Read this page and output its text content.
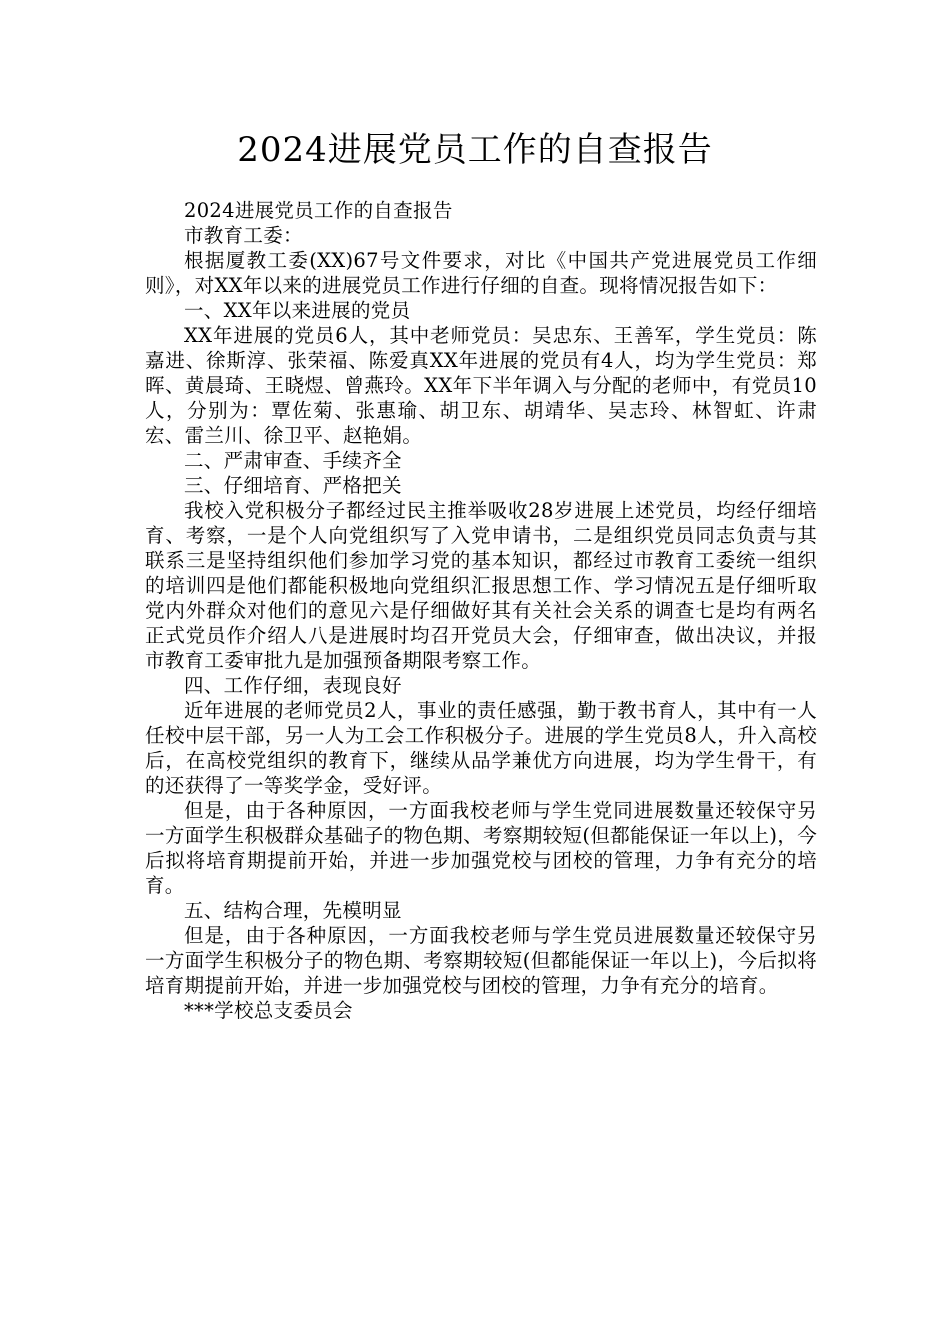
2024进展党员工作的自查报告

2024进展党员工作的自查报告

市教育工委：

根据厦教工委(XX)67号文件要求，对比《中国共产党进展党员工作细则》，对XX年以来的进展党员工作进行仔细的自查。现将情况报告如下：

一、XX年以来进展的党员

XX年进展的党员6人，其中老师党员：吴忠东、王善军，学生党员：陈嘉进、徐斯淳、张荣福、陈爱真XX年进展的党员有4人，均为学生党员：郑晖、黄晨琦、王晓煜、曾燕玲。XX年下半年调入与分配的老师中，有党员10人，分别为：覃佐菊、张惠瑜、胡卫东、胡靖华、吴志玲、林智虹、许肃宏、雷兰川、徐卫平、赵艳娟。

二、严肃审查、手续齐全

三、仔细培育、严格把关

我校入党积极分子都经过民主推举吸收28岁进展上述党员，均经仔细培育、考察，一是个人向党组织写了入党申请书，二是组织党员同志负责与其联系三是坚持组织他们参加学习党的基本知识，都经过市教育工委统一组织的培训四是他们都能积极地向党组织汇报思想工作、学习情况五是仔细听取党内外群众对他们的意见六是仔细做好其有关社会关系的调查七是均有两名正式党员作介绍人八是进展时均召开党员大会，仔细审查，做出决议，并报市教育工委审批九是加强预备期限考察工作。

四、工作仔细，表现良好

近年进展的老师党员2人，事业的责任感强，勤于教书育人，其中有一人任校中层干部，另一人为工会工作积极分子。进展的学生党员8人，升入高校后，在高校党组织的教育下，继续从品学兼优方向进展，均为学生骨干，有的还获得了一等奖学金，受好评。

但是，由于各种原因，一方面我校老师与学生党同进展数量还较保守另一方面学生积极群众基础子的物色期、考察期较短(但都能保证一年以上)，今后拟将培育期提前开始，并进一步加强党校与团校的管理，力争有充分的培育。

五、结构合理，先模明显

但是，由于各种原因，一方面我校老师与学生党员进展数量还较保守另一方面学生积极分子的物色期、考察期较短(但都能保证一年以上)，今后拟将培育期提前开始，并进一步加强党校与团校的管理，力争有充分的培育。

***学校总支委员会
